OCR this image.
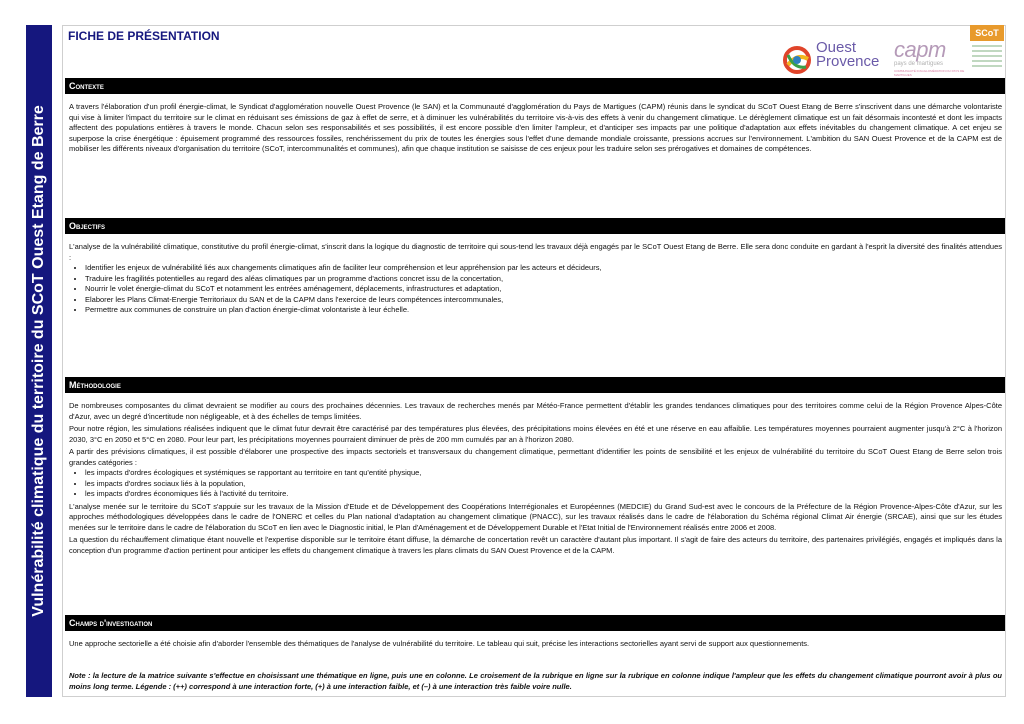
Vulnérabilité climatique du territoire du SCoT Ouest Etang de Berre
FICHE DE PRÉSENTATION
Ouest
Provence capm
pays de martigues
COMMUNAUTÉ D'AGGLOMÉRATION DU PAYS DE MARTIGUES
SCoT
Contexte

A travers l'élaboration d'un profil énergie-climat, le Syndicat d'agglomération nouvelle Ouest Provence (le SAN) et la Communauté d'agglomération du Pays de Martigues (CAPM) réunis dans le syndicat du SCoT Ouest Etang de Berre s'inscrivent dans une démarche volontariste qui vise à limiter l'impact du territoire sur le climat en réduisant ses émissions de gaz à effet de serre, et à diminuer les vulnérabilités du territoire vis-à-vis des effets à venir du changement climatique. Le dérèglement climatique est un fait désormais incontesté et dont les impacts affectent des populations entières à travers le monde. Chacun selon ses responsabilités et ses possibilités, il est encore possible d'en limiter l'ampleur, et d'anticiper ses impacts par une politique d'adaptation aux effets inévitables du changement climatique. A cet enjeu se superpose la crise énergétique : épuisement programmé des ressources fossiles, renchérissement du prix de toutes les énergies sous l'effet d'une demande mondiale croissante, pressions accrues sur l'environnement. L'ambition du SAN Ouest Provence et de la CAPM est de mobiliser les différents niveaux d'organisation du territoire (SCoT, intercommunalités et communes), afin que chaque institution se saisisse de ces enjeux pour les traduire selon ses prérogatives et domaines de compétences.

Objectifs

L'analyse de la vulnérabilité climatique, constitutive du profil énergie-climat, s'inscrit dans la logique du diagnostic de territoire qui sous-tend les travaux déjà engagés par le SCoT Ouest Etang de Berre. Elle sera donc conduite en gardant à l'esprit la diversité des finalités attendues :

• Identifier les enjeux de vulnérabilité liés aux changements climatiques afin de faciliter leur compréhension et leur appréhension par les acteurs et décideurs,
• Traduire les fragilités potentielles au regard des aléas climatiques par un programme d'actions concret issu de la concertation,
• Nourrir le volet énergie-climat du SCoT et notamment les entrées aménagement, déplacements, infrastructures et adaptation,
• Elaborer les Plans Climat-Energie Territoriaux du SAN et de la CAPM dans l'exercice de leurs compétences intercommunales,
• Permettre aux communes de construire un plan d'action énergie-climat volontariste à leur échelle.
Méthodologie

De nombreuses composantes du climat devraient se modifier au cours des prochaines décennies. Les travaux de recherches menés par Météo-France permettent d'établir les grandes tendances climatiques pour des territoires comme celui de la Région Provence Alpes-Côte d'Azur, avec un degré d'incertitude non négligeable, et à des échelles de temps limitées.

Pour notre région, les simulations réalisées indiquent que le climat futur devrait être caractérisé par des températures plus élevées, des précipitations moins élevées en été et une réserve en eau affaiblie. Les températures moyennes pourraient augmenter jusqu'à 2°C à l'horizon 2030, 3°C en 2050 et 5°C en 2080. Pour leur part, les précipitations moyennes pourraient diminuer de près de 200 mm cumulés par an à l'horizon 2080.

A partir des prévisions climatiques, il est possible d'élaborer une prospective des impacts sectoriels et transversaux du changement climatique, permettant d'identifier les points de sensibilité et les enjeux de vulnérabilité du territoire du SCoT Ouest Etang de Berre selon trois grandes catégories :

• les impacts d'ordres écologiques et systémiques se rapportant au territoire en tant qu'entité physique,
• les impacts d'ordres sociaux liés à la population,
• les impacts d'ordres économiques liés à l'activité du territoire.

L'analyse menée sur le territoire du SCoT s'appuie sur les travaux de la Mission d'Etude et de Développement des Coopérations Interrégionales et Européennes (MEDCIE) du Grand Sud-est avec le concours de la Préfecture de la Région Provence-Alpes-Côte d'Azur, sur les approches méthodologiques développées dans le cadre de l'ONERC et celles du Plan national d'adaptation au changement climatique (PNACC), sur les travaux réalisés dans le cadre de l'élaboration du Schéma régional Climat Air énergie (SRCAE), ainsi que sur les études menées sur le territoire dans le cadre de l'élaboration du SCoT en lien avec le Diagnostic initial, le Plan d'Aménagement et de Développement Durable et l'Etat Initial de l'Environnement réalisés entre 2006 et 2008.

La question du réchauffement climatique étant nouvelle et l'expertise disponible sur le territoire étant diffuse, la démarche de concertation revêt un caractère d'autant plus important. Il s'agit de faire des acteurs du territoire, des partenaires privilégiés, engagés et impliqués dans la conception d'un programme d'action pertinent pour anticiper les effets du changement climatique à travers les plans climats du SAN Ouest Provence et de la CAPM.

Champs d'investigation

Une approche sectorielle a été choisie afin d'aborder l'ensemble des thématiques de l'analyse de vulnérabilité du territoire. Le tableau qui suit, précise les interactions sectorielles ayant servi de support aux questionnements.

Note : la lecture de la matrice suivante s'effectue en choisissant une thématique en ligne, puis une en colonne. Le croisement de la rubrique en ligne sur la rubrique en colonne indique l'ampleur que les effets du changement climatique pourront avoir à plus ou moins long terme. Légende : (++) correspond à une interaction forte, (+) à une interaction faible, et (–) à une interaction très faible voire nulle.
